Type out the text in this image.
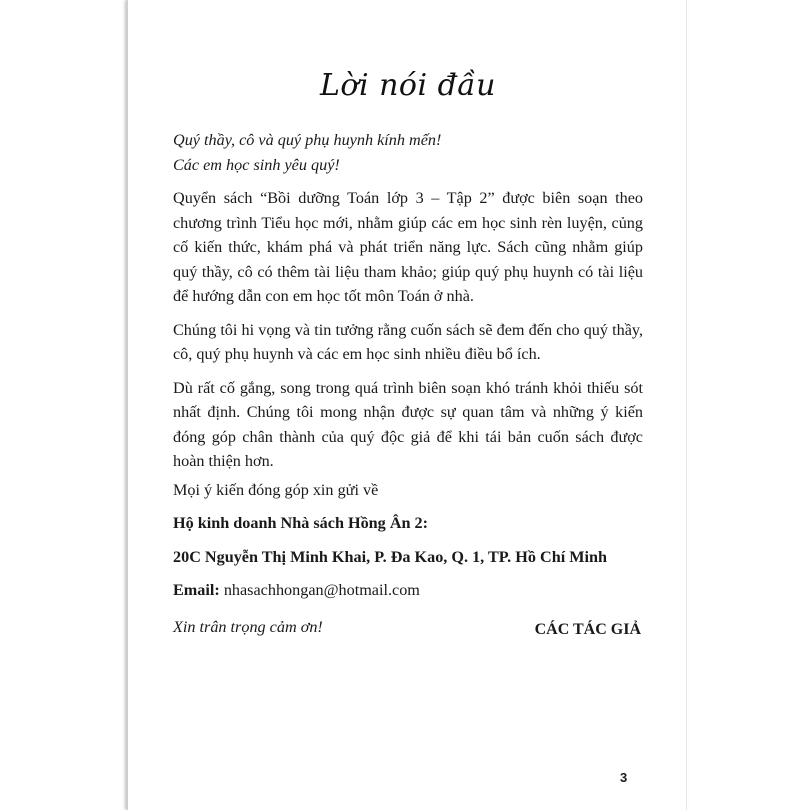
Lời nói đầu

Quý thầy, cô và quý phụ huynh kính mến!

Các em học sinh yêu quý!

Quyển sách “Bồi dưỡng Toán lớp 3 – Tập 2” được biên soạn theo chương trình Tiểu học mới, nhằm giúp các em học sinh rèn luyện, củng cố kiến thức, khám phá và phát triển năng lực. Sách cũng nhằm giúp quý thầy, cô có thêm tài liệu tham khảo; giúp quý phụ huynh có tài liệu để hướng dẫn con em học tốt môn Toán ở nhà.

Chúng tôi hi vọng và tin tưởng rằng cuốn sách sẽ đem đến cho quý thầy, cô, quý phụ huynh và các em học sinh nhiều điều bổ ích.

Dù rất cố gắng, song trong quá trình biên soạn khó tránh khỏi thiếu sót nhất định. Chúng tôi mong nhận được sự quan tâm và những ý kiến đóng góp chân thành của quý độc giả để khi tái bản cuốn sách được hoàn thiện hơn.

Mọi ý kiến đóng góp xin gửi về

Hộ kinh doanh Nhà sách Hồng Ân 2:

20C Nguyễn Thị Minh Khai, P. Đa Kao, Q. 1, TP. Hồ Chí Minh

Email: nhasachhongan@hotmail.com

Xin trân trọng cảm ơn!	CÁC TÁC GIẢ
3
